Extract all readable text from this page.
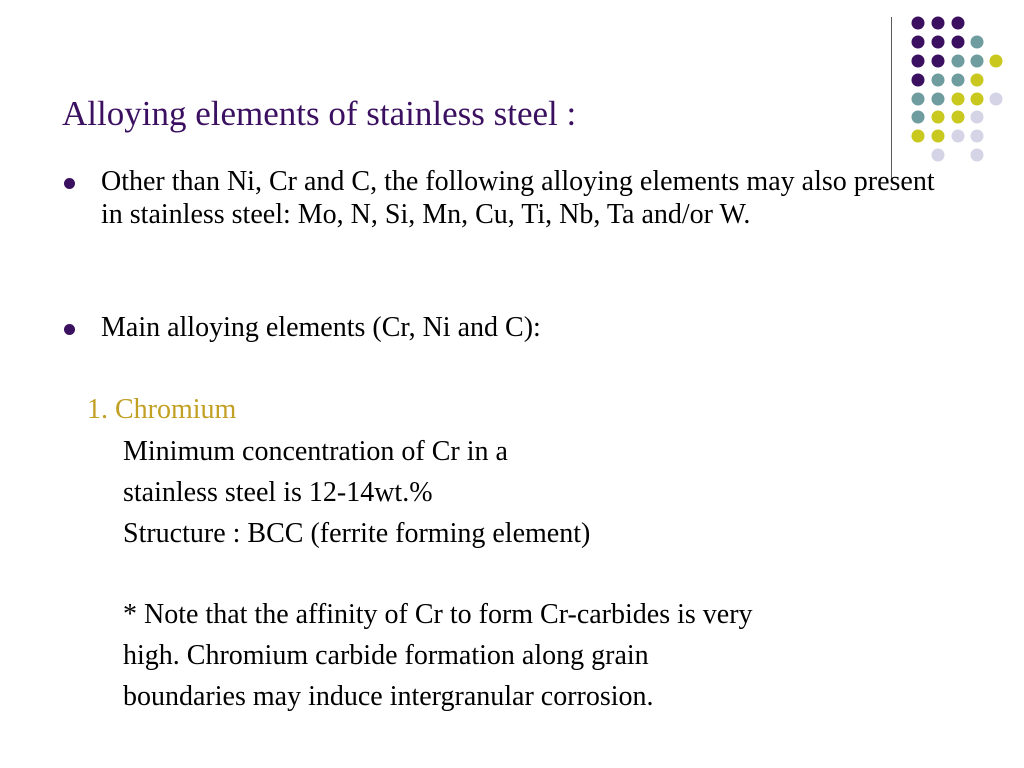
Alloying elements of stainless steel :
Other than Ni, Cr and C, the following alloying elements may also present in stainless steel: Mo, N, Si, Mn, Cu, Ti, Nb, Ta and/or W.
Main alloying elements (Cr, Ni and C):
1. Chromium
Minimum concentration of Cr in a
stainless steel is 12-14wt.%
Structure : BCC (ferrite forming element)
* Note that the affinity of Cr to form Cr-carbides is very
high. Chromium carbide formation along grain
boundaries may induce intergranular corrosion.
